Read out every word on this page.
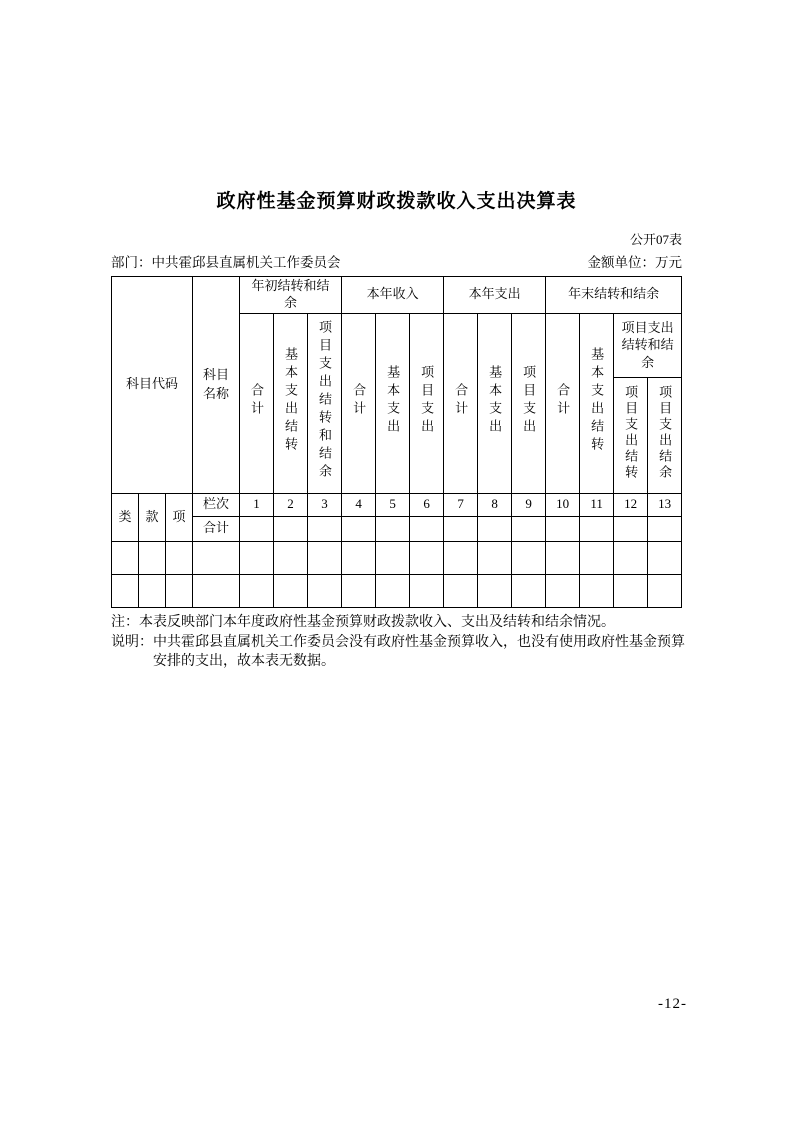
政府性基金预算财政拨款收入支出决算表
公开07表
部门：中共霍邱县直属机关工作委员会	金额单位：万元
科目代码			科目名称	年初结转和结余			本年收入			本年支出			年末结转和结余			
				合计	基本支出结转	项目支出结转和结余	合计	基本支出	项目支出	合计	基本支出	项目支出	合计	基本支出结转	项目支出结转和结余	
															项目支出结转	项目支出结余
类	款	项	栏次	1	2	3	4	5	6	7	8	9	10	11	12	13
			合计													

注：本表反映部门本年度政府性基金预算财政拨款收入、支出及结转和结余情况。
说明：中共霍邱县直属机关工作委员会没有政府性基金预算收入，也没有使用政府性基金预算安排的支出，故本表无数据。
-12-
